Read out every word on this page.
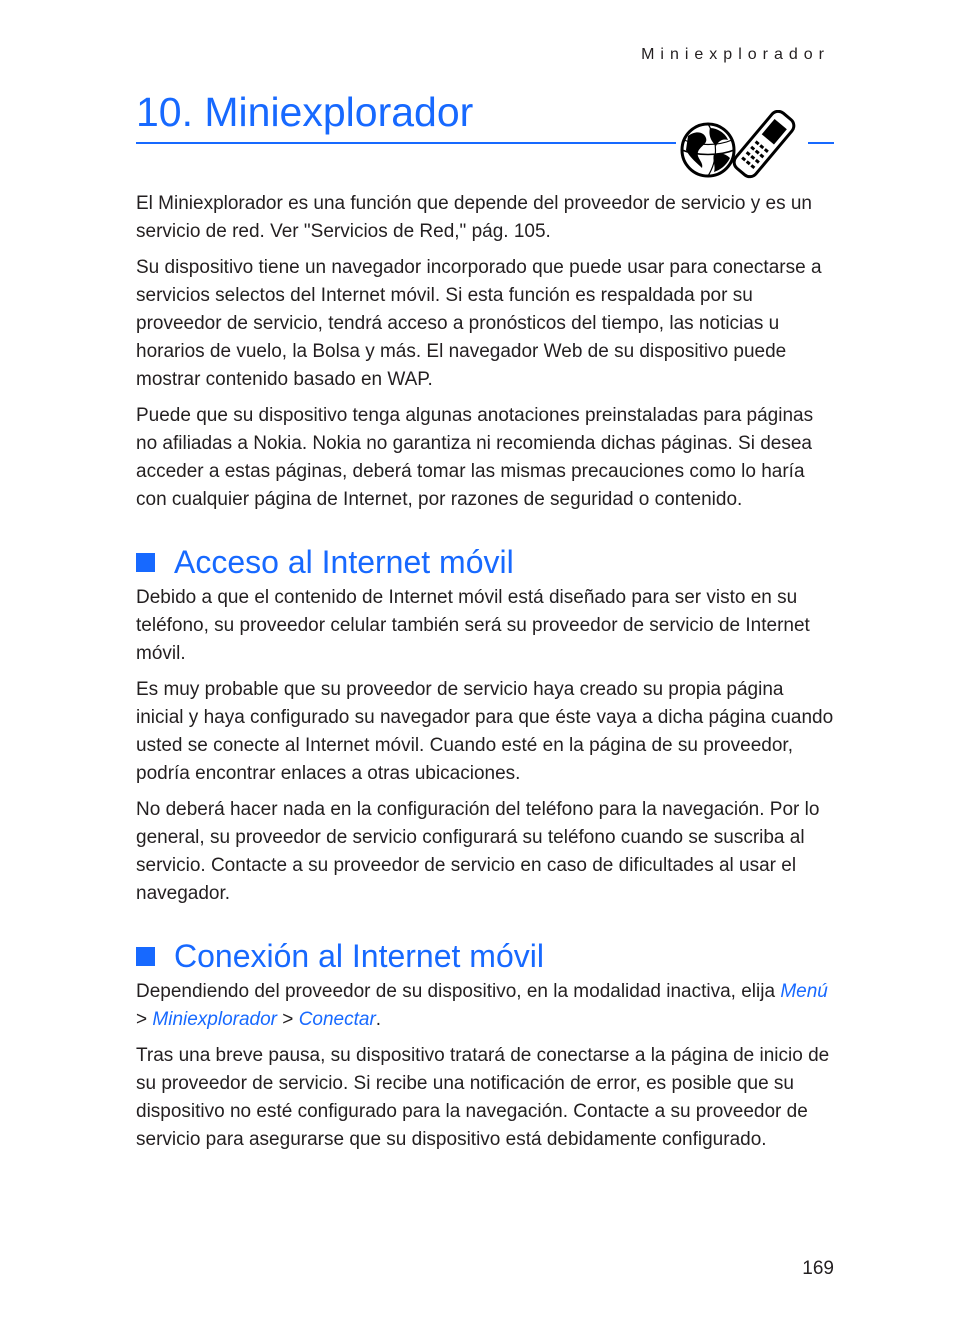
Miniexplorador
10. Miniexplorador

El Miniexplorador es una función que depende del proveedor de servicio y es un servicio de red. Ver "Servicios de Red," pág. 105.

Su dispositivo tiene un navegador incorporado que puede usar para conectarse a servicios selectos del Internet móvil. Si esta función es respaldada por su proveedor de servicio, tendrá acceso a pronósticos del tiempo, las noticias u horarios de vuelo, la Bolsa y más. El navegador Web de su dispositivo puede mostrar contenido basado en WAP.

Puede que su dispositivo tenga algunas anotaciones preinstaladas para páginas no afiliadas a Nokia. Nokia no garantiza ni recomienda dichas páginas. Si desea acceder a estas páginas, deberá tomar las mismas precauciones como lo haría con cualquier página de Internet, por razones de seguridad o contenido.

Acceso al Internet móvil

Debido a que el contenido de Internet móvil está diseñado para ser visto en su teléfono, su proveedor celular también será su proveedor de servicio de Internet móvil.

Es muy probable que su proveedor de servicio haya creado su propia página inicial y haya configurado su navegador para que éste vaya a dicha página cuando usted se conecte al Internet móvil. Cuando esté en la página de su proveedor, podría encontrar enlaces a otras ubicaciones.

No deberá hacer nada en la configuración del teléfono para la navegación. Por lo general, su proveedor de servicio configurará su teléfono cuando se suscriba al servicio. Contacte a su proveedor de servicio en caso de dificultades al usar el navegador.

Conexión al Internet móvil

Dependiendo del proveedor de su dispositivo, en la modalidad inactiva, elija Menú > Miniexplorador > Conectar.

Tras una breve pausa, su dispositivo tratará de conectarse a la página de inicio de su proveedor de servicio. Si recibe una notificación de error, es posible que su dispositivo no esté configurado para la navegación. Contacte a su proveedor de servicio para asegurarse que su dispositivo está debidamente configurado.

169
